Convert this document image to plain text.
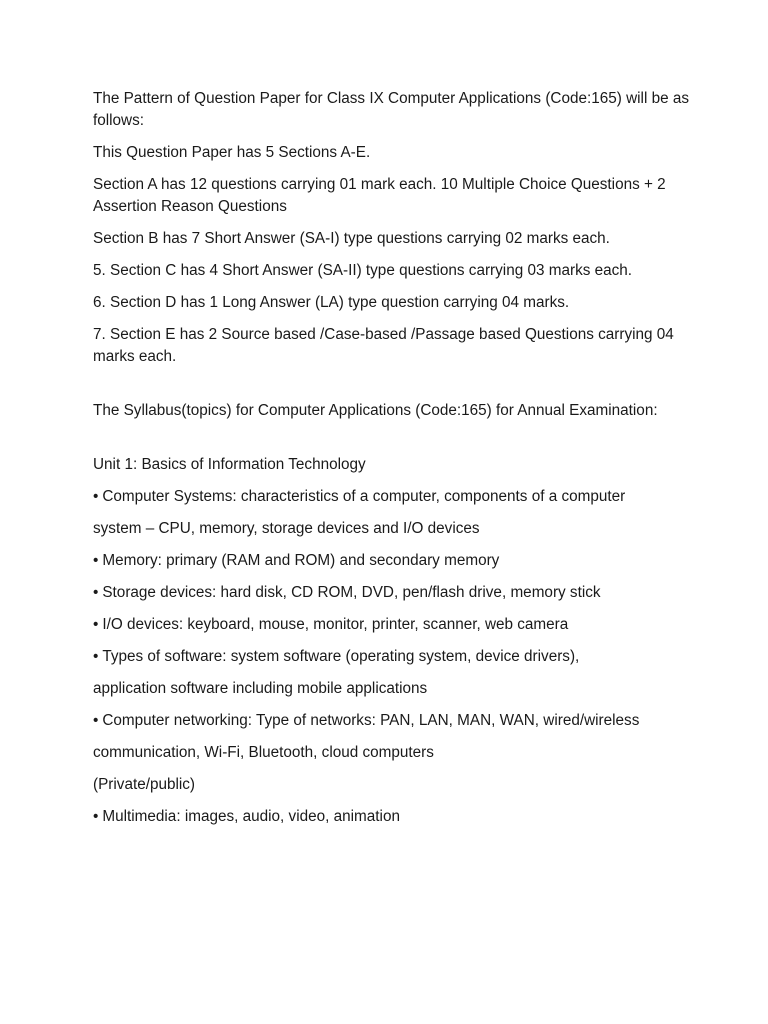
The Pattern of Question Paper for Class IX Computer Applications (Code:165) will be as follows:

This Question Paper has 5 Sections A-E.

Section A has 12 questions carrying 01 mark each. 10 Multiple Choice Questions + 2 Assertion Reason Questions

Section B has 7 Short Answer (SA-I) type questions carrying 02 marks each.

5. Section C has 4 Short Answer (SA-II) type questions carrying 03 marks each.

6. Section D has 1 Long Answer (LA) type question carrying 04 marks.

7. Section E has 2 Source based /Case-based /Passage based Questions carrying 04 marks each.

The Syllabus(topics) for Computer Applications (Code:165) for Annual Examination:

Unit 1: Basics of Information Technology

• Computer Systems: characteristics of a computer, components of a computer

system – CPU, memory, storage devices and I/O devices

• Memory: primary (RAM and ROM) and secondary memory

• Storage devices: hard disk, CD ROM, DVD, pen/flash drive, memory stick

• I/O devices: keyboard, mouse, monitor, printer, scanner, web camera

• Types of software: system software (operating system, device drivers),

application software including mobile applications

• Computer networking: Type of networks: PAN, LAN, MAN, WAN, wired/wireless

communication, Wi-Fi, Bluetooth, cloud computers

(Private/public)

• Multimedia: images, audio, video, animation
